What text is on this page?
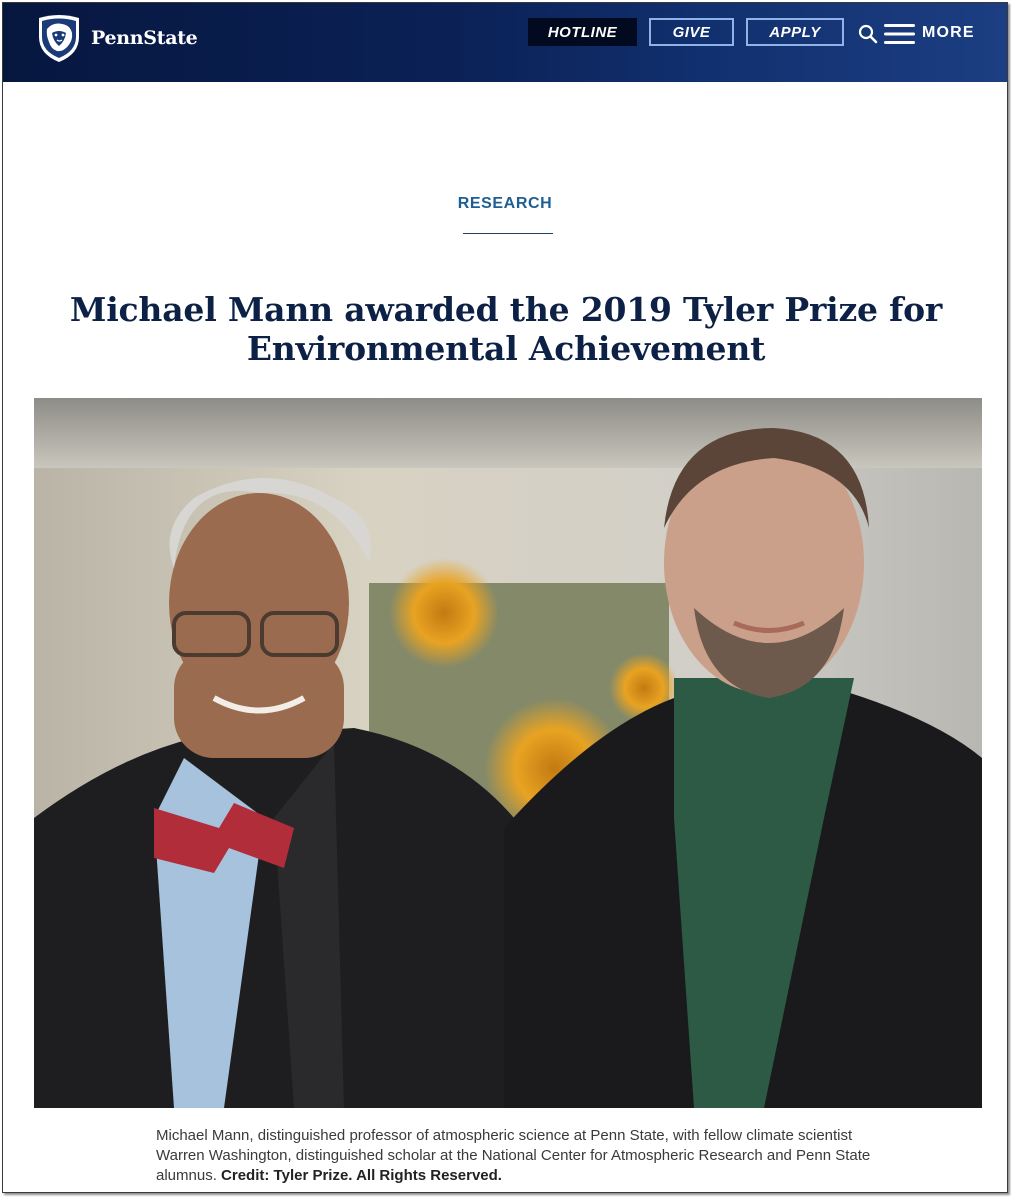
PennState	HOTLINE	GIVE	APPLY	MORE
RESEARCH
Michael Mann awarded the 2019 Tyler Prize for
Environmental Achievement

Michael Mann, distinguished professor of atmospheric science at Penn State, with fellow climate scientist Warren Washington, distinguished scholar at the National Center for Atmospheric Research and Penn State alumnus. Credit: Tyler Prize. All Rights Reserved.
